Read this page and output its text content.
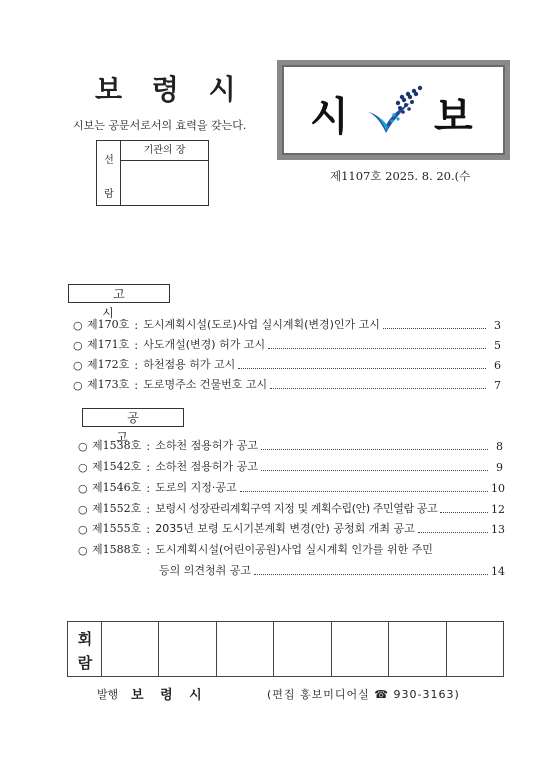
보 령 시
시보는 공문서로서의 효력을 갖는다.
선
람
기관의 장
시 보
제1107호 2025. 8. 20.(수
고 시
○ 제170호 : 도시계획시설(도로)사업 실시계획(변경)인가 고시	3
○ 제171호 : 사도개설(변경) 허가 고시	5
○ 제172호 : 하천점용 허가 고시	6
○ 제173호 : 도로명주소 건물번호 고시	7
공 고
○ 제1538호 : 소하천 점용허가 공고	8
○ 제1542호 : 소하천 점용허가 공고	9
○ 제1546호 : 도로의 지정·공고	10
○ 제1552호 : 보령시 성장관리계획구역 지정 및 계획수립(안) 주민열람 공고	12
○ 제1555호 : 2035년 보령 도시기본계획 변경(안) 공청회 개최 공고	13
○ 제1588호 : 도시계획시설(어린이공원)사업 실시계획 인가를 위한 주민
등의 의견청취 공고	14
회
람
발행 보 령 시	(편집 홍보미디어실 ☎ 930-3163)
